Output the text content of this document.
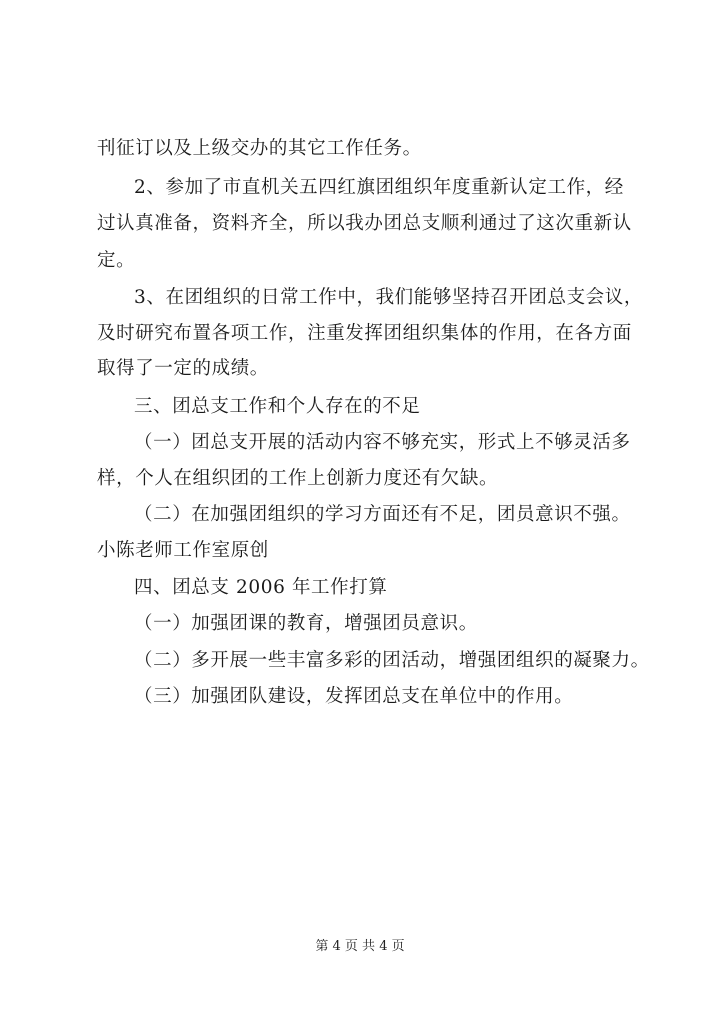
刊征订以及上级交办的其它工作任务。
2、参加了市直机关五四红旗团组织年度重新认定工作，经
过认真准备，资料齐全，所以我办团总支顺利通过了这次重新认
定。
3、在团组织的日常工作中，我们能够坚持召开团总支会议，
及时研究布置各项工作，注重发挥团组织集体的作用，在各方面
取得了一定的成绩。
三、团总支工作和个人存在的不足
（一）团总支开展的活动内容不够充实，形式上不够灵活多
样，个人在组织团的工作上创新力度还有欠缺。
（二）在加强团组织的学习方面还有不足，团员意识不强。
小陈老师工作室原创
四、团总支 2006 年工作打算
（一）加强团课的教育，增强团员意识。
（二）多开展一些丰富多彩的团活动，增强团组织的凝聚力。
（三）加强团队建设，发挥团总支在单位中的作用。
第 4 页 共 4 页
